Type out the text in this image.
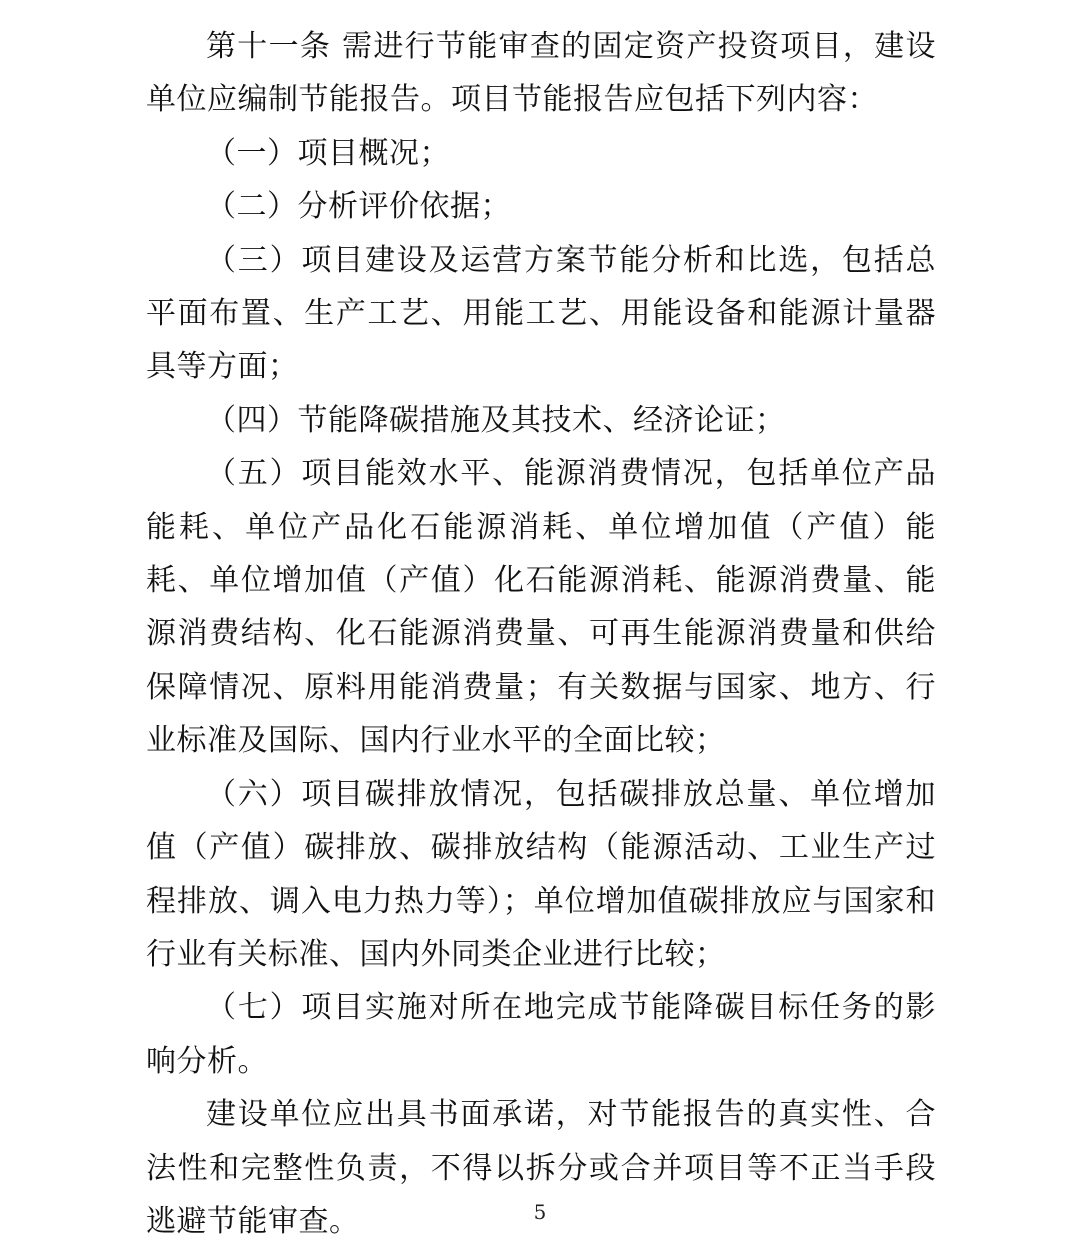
第十一条 需进行节能审查的固定资产投资项目，建设单位应编制节能报告。项目节能报告应包括下列内容：

（一）项目概况；

（二）分析评价依据；

（三）项目建设及运营方案节能分析和比选，包括总平面布置、生产工艺、用能工艺、用能设备和能源计量器具等方面；

（四）节能降碳措施及其技术、经济论证；

（五）项目能效水平、能源消费情况，包括单位产品能耗、单位产品化石能源消耗、单位增加值（产值）能耗、单位增加值（产值）化石能源消耗、能源消费量、能源消费结构、化石能源消费量、可再生能源消费量和供给保障情况、原料用能消费量；有关数据与国家、地方、行业标准及国际、国内行业水平的全面比较；

（六）项目碳排放情况，包括碳排放总量、单位增加值（产值）碳排放、碳排放结构（能源活动、工业生产过程排放、调入电力热力等）；单位增加值碳排放应与国家和行业有关标准、国内外同类企业进行比较；

（七）项目实施对所在地完成节能降碳目标任务的影响分析。

建设单位应出具书面承诺，对节能报告的真实性、合法性和完整性负责，不得以拆分或合并项目等不正当手段逃避节能审查。	5
